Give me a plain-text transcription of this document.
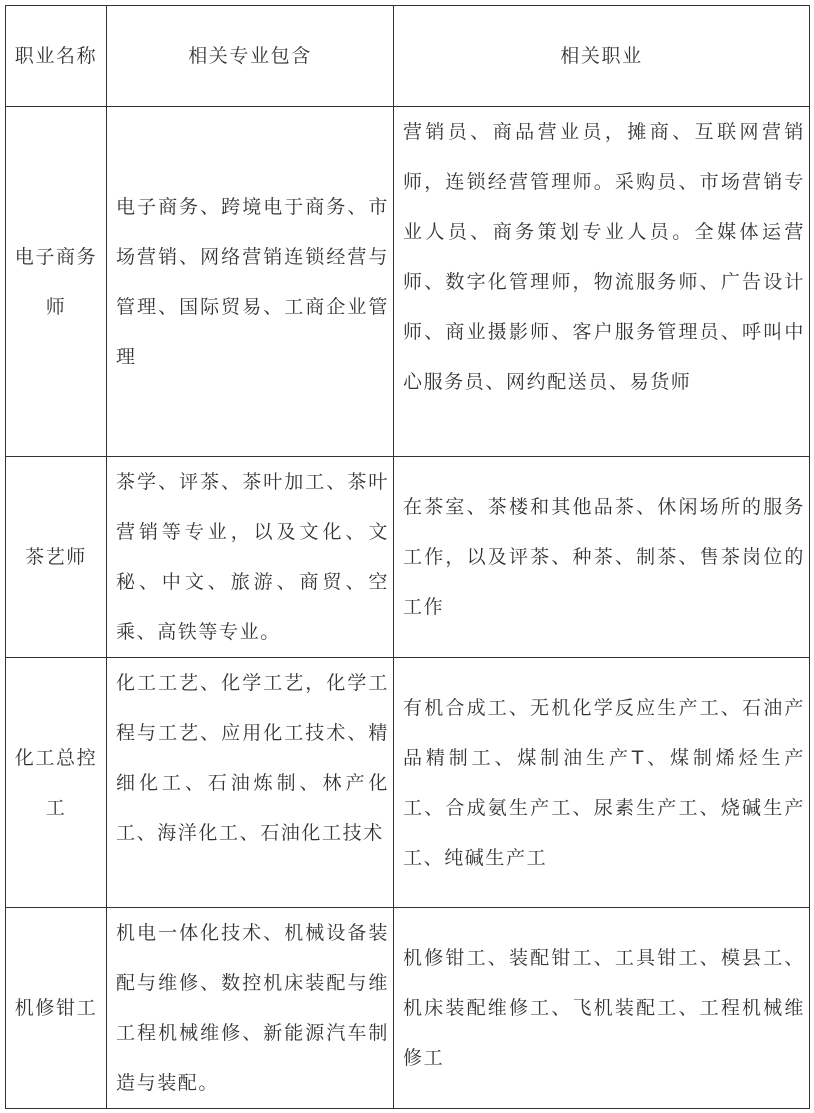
职业名称	相关专业包含	相关职业

电子商务师	电子商务、跨境电于商务、市场营销、网络营销连锁经营与管理、国际贸易、工商企业管理	营销员、商品营业员，摊商、互联网营销师，连锁经营管理师。采购员、市场营销专业人员、商务策划专业人员。全媒体运营师、数字化管理师，物流服务师、广告设计师、商业摄影师、客户服务管理员、呼叫中心服务员、网约配送员、易货师

茶艺师	茶学、评茶、茶叶加工、茶叶营销等专业，以及文化、文秘、中文、旅游、商贸、空乘、高铁等专业。	在茶室、茶楼和其他品茶、休闲场所的服务工作，以及评茶、种茶、制茶、售茶岗位的工作

化工总控工	化工工艺、化学工艺，化学工程与工艺、应用化工技术、精细化工、石油炼制、林产化工、海洋化工、石油化工技术	有机合成工、无机化学反应生产工、石油产品精制工、煤制油生产T、煤制烯烃生产工、合成氨生产工、尿素生产工、烧碱生产工、纯碱生产工

机修钳工	机电一体化技术、机械设备装配与维修、数控机床装配与维工程机械维修、新能源汽车制造与装配。	机修钳工、装配钳工、工具钳工、模县工、机床装配维修工、飞机装配工、工程机械维修工
